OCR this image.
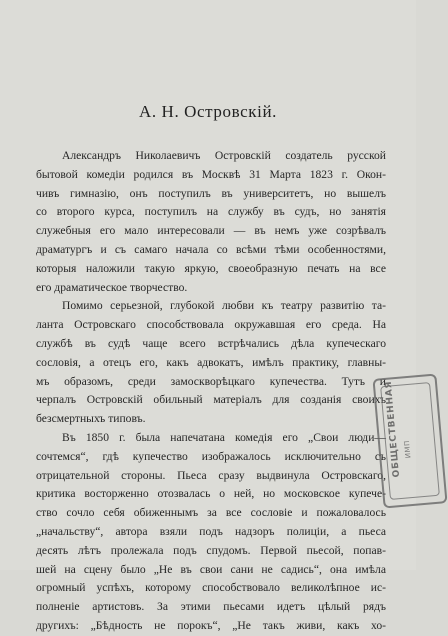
А. Н. Островскій.
Александръ Николаевичъ Островскій создатель русской
бытовой комедіи родился въ Москвѣ 31 Марта 1823 г. Окон-
чивъ гимназію, онъ поступилъ въ университетъ, но вышелъ
со второго курса, поступилъ на службу въ судъ, но занятія
служебныя его мало интересовали — въ немъ уже созрѣвалъ
драматургъ и съ самаго начала со всѣми тѣми особенностями,
которыя наложили такую яркую, своеобразную печать на все
его драматическое творчество.
Помимо серьезной, глубокой любви къ театру развитію та-
ланта Островскаго способствовала окружавшая его среда. На
службѣ въ судѣ чаще всего встрѣчались дѣла купеческаго
сословія, а отецъ его, какъ адвокатъ, имѣлъ практику, главны-
мъ образомъ, среди замоскворѣцкаго купечества. Тутъ и
черпалъ Островскій обильный матеріалъ для созданія своихъ
безсмертныхъ типовъ.
Въ 1850 г. была напечатана комедія его „Свои люди—
сочтемся“, гдѣ купечество изображалось исключительно съ
отрицательной стороны. Пьеса сразу выдвинула Островскаго,
критика восторженно отозвалась о ней, но московское купече-
ство сочло себя обиженнымъ за все сословіе и пожаловалось
„начальству“, автора взяли подъ надзоръ полиціи, а пьеса
десять лѣтъ пролежала подъ спудомъ. Первой пьесой, попав-
шей на сцену было „Не въ свои сани не садись“, она имѣла
огромный успѣхъ, которому способствовало великолѣпное ис-
полненіе артистовъ. За этими пьесами идетъ цѣлый рядъ
другихъ: „Бѣдность не порокъ“, „Не такъ живи, какъ хо-
ОБЩЕСТВЕННАЯ ИМП
